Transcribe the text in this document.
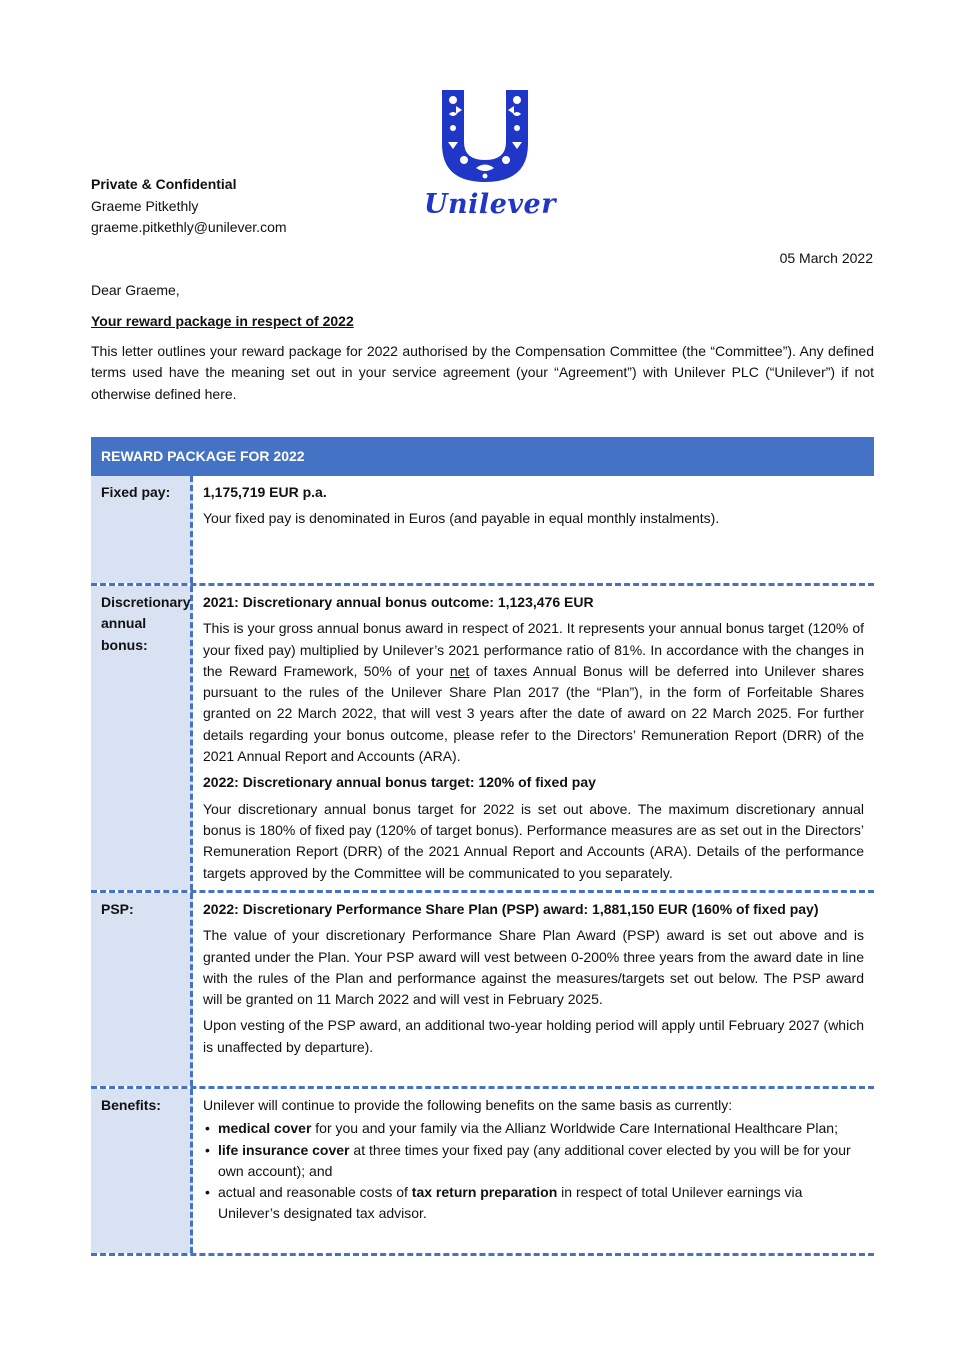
Unilever
Private & Confidential
Graeme Pitkethly
graeme.pitkethly@unilever.com
05 March 2022
Dear Graeme,
Your reward package in respect of 2022

This letter outlines your reward package for 2022 authorised by the Compensation Committee (the “Committee”). Any defined terms used have the meaning set out in your service agreement (your “Agreement”) with Unilever PLC (“Unilever”) if not otherwise defined here.

REWARD PACKAGE FOR 2022
Fixed pay:	1,175,719 EUR p.a.

Your fixed pay is denominated in Euros (and payable in equal monthly instalments).

Discretionary annual bonus:

2021: Discretionary annual bonus outcome: 1,123,476 EUR

This is your gross annual bonus award in respect of 2021. It represents your annual bonus target (120% of your fixed pay) multiplied by Unilever’s 2021 performance ratio of 81%. In accordance with the changes in the Reward Framework, 50% of your net of taxes Annual Bonus will be deferred into Unilever shares pursuant to the rules of the Unilever Share Plan 2017 (the “Plan”), in the form of Forfeitable Shares granted on 22 March 2022, that will vest 3 years after the date of award on 22 March 2025. For further details regarding your bonus outcome, please refer to the Directors’ Remuneration Report (DRR) of the 2021 Annual Report and Accounts (ARA).

2022: Discretionary annual bonus target: 120% of fixed pay

Your discretionary annual bonus target for 2022 is set out above. The maximum discretionary annual bonus is 180% of fixed pay (120% of target bonus). Performance measures are as set out in the Directors’ Remuneration Report (DRR) of the 2021 Annual Report and Accounts (ARA). Details of the performance targets approved by the Committee will be communicated to you separately.

PSP:	2022: Discretionary Performance Share Plan (PSP) award: 1,881,150 EUR (160% of fixed pay)

The value of your discretionary Performance Share Plan Award (PSP) award is set out above and is granted under the Plan. Your PSP award will vest between 0-200% three years from the award date in line with the rules of the Plan and performance against the measures/targets set out below. The PSP award will be granted on 11 March 2022 and will vest in February 2025.

Upon vesting of the PSP award, an additional two-year holding period will apply until February 2027 (which is unaffected by departure).

Benefits:	Unilever will continue to provide the following benefits on the same basis as currently:

• medical cover for you and your family via the Allianz Worldwide Care International Healthcare Plan;
• life insurance cover at three times your fixed pay (any additional cover elected by you will be for your own account); and
• actual and reasonable costs of tax return preparation in respect of total Unilever earnings via Unilever’s designated tax advisor.
